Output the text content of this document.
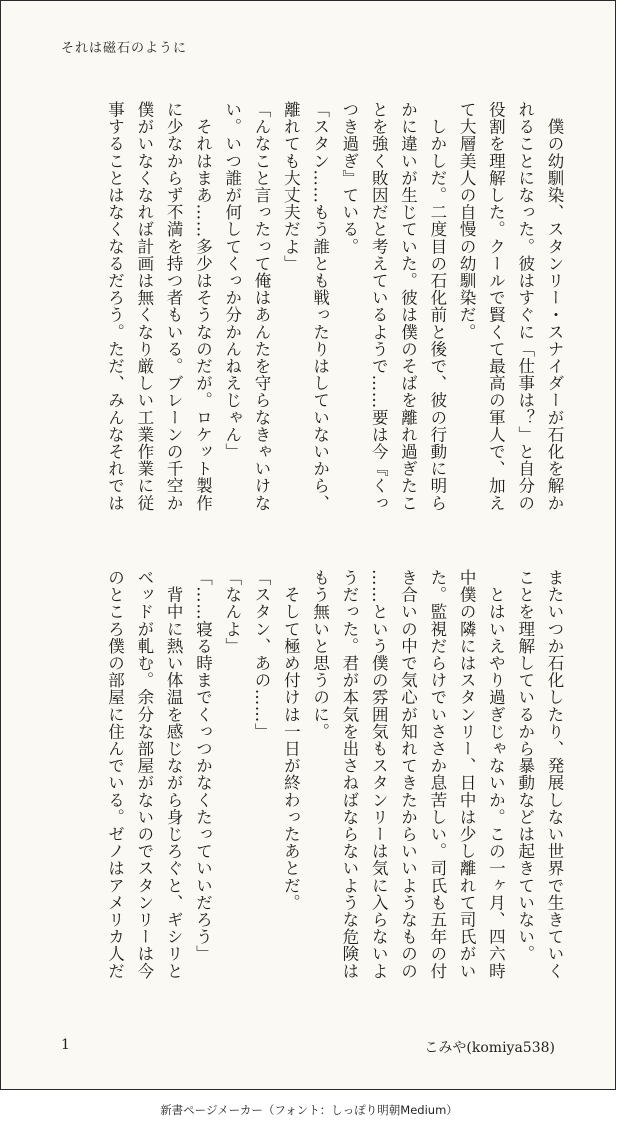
それは磁石のように

　僕の幼馴染、スタンリー・スナイダーが石化を解か

れることになった。彼はすぐに「仕事は？」と自分の

役割を理解した。クールで賢くて最高の軍人で、加え

て大層美人の自慢の幼馴染だ。

　しかしだ。二度目の石化前と後で、彼の行動に明ら

かに違いが生じていた。彼は僕のそばを離れ過ぎたこ

とを強く敗因だと考えているようで……要は今『くっ

つき過ぎ』ている。

「スタン……もう誰とも戦ったりはしていないから、

離れても大丈夫だよ」

「んなこと言ったって俺はあんたを守らなきゃいけな

い。いつ誰が何してくっか分かんねえじゃん」

　それはまあ……多少はそうなのだが。ロケット製作

に少なからず不満を持つ者もいる。ブレーンの千空か

僕がいなくなれば計画は無くなり厳しい工業作業に従

事することはなくなるだろう。ただ、みんなそれでは

またいつか石化したり、発展しない世界で生きていく

ことを理解しているから暴動などは起きていない。

　とはいえやり過ぎじゃないか。この一ヶ月、四六時

中僕の隣にはスタンリー、日中は少し離れて司氏がい

た。監視だらけでいささか息苦しい。司氏も五年の付

き合いの中で気心が知れてきたからいいようなものの

……という僕の雰囲気もスタンリーは気に入らないよ

うだった。君が本気を出さねばならないような危険は

もう無いと思うのに。

　そして極め付けは一日が終わったあとだ。

「スタン、あの……」

「なんよ」

「……寝る時までくっつかなくたっていいだろう」

　背中に熱い体温を感じながら身じろぐと、ギシリと

ベッドが軋む。余分な部屋がないのでスタンリーは今

のところ僕の部屋に住んでいる。ゼノはアメリカ人だ

1	こみや(komiya538)
新書ページメーカー（フォント：しっぽり明朝Medium）
